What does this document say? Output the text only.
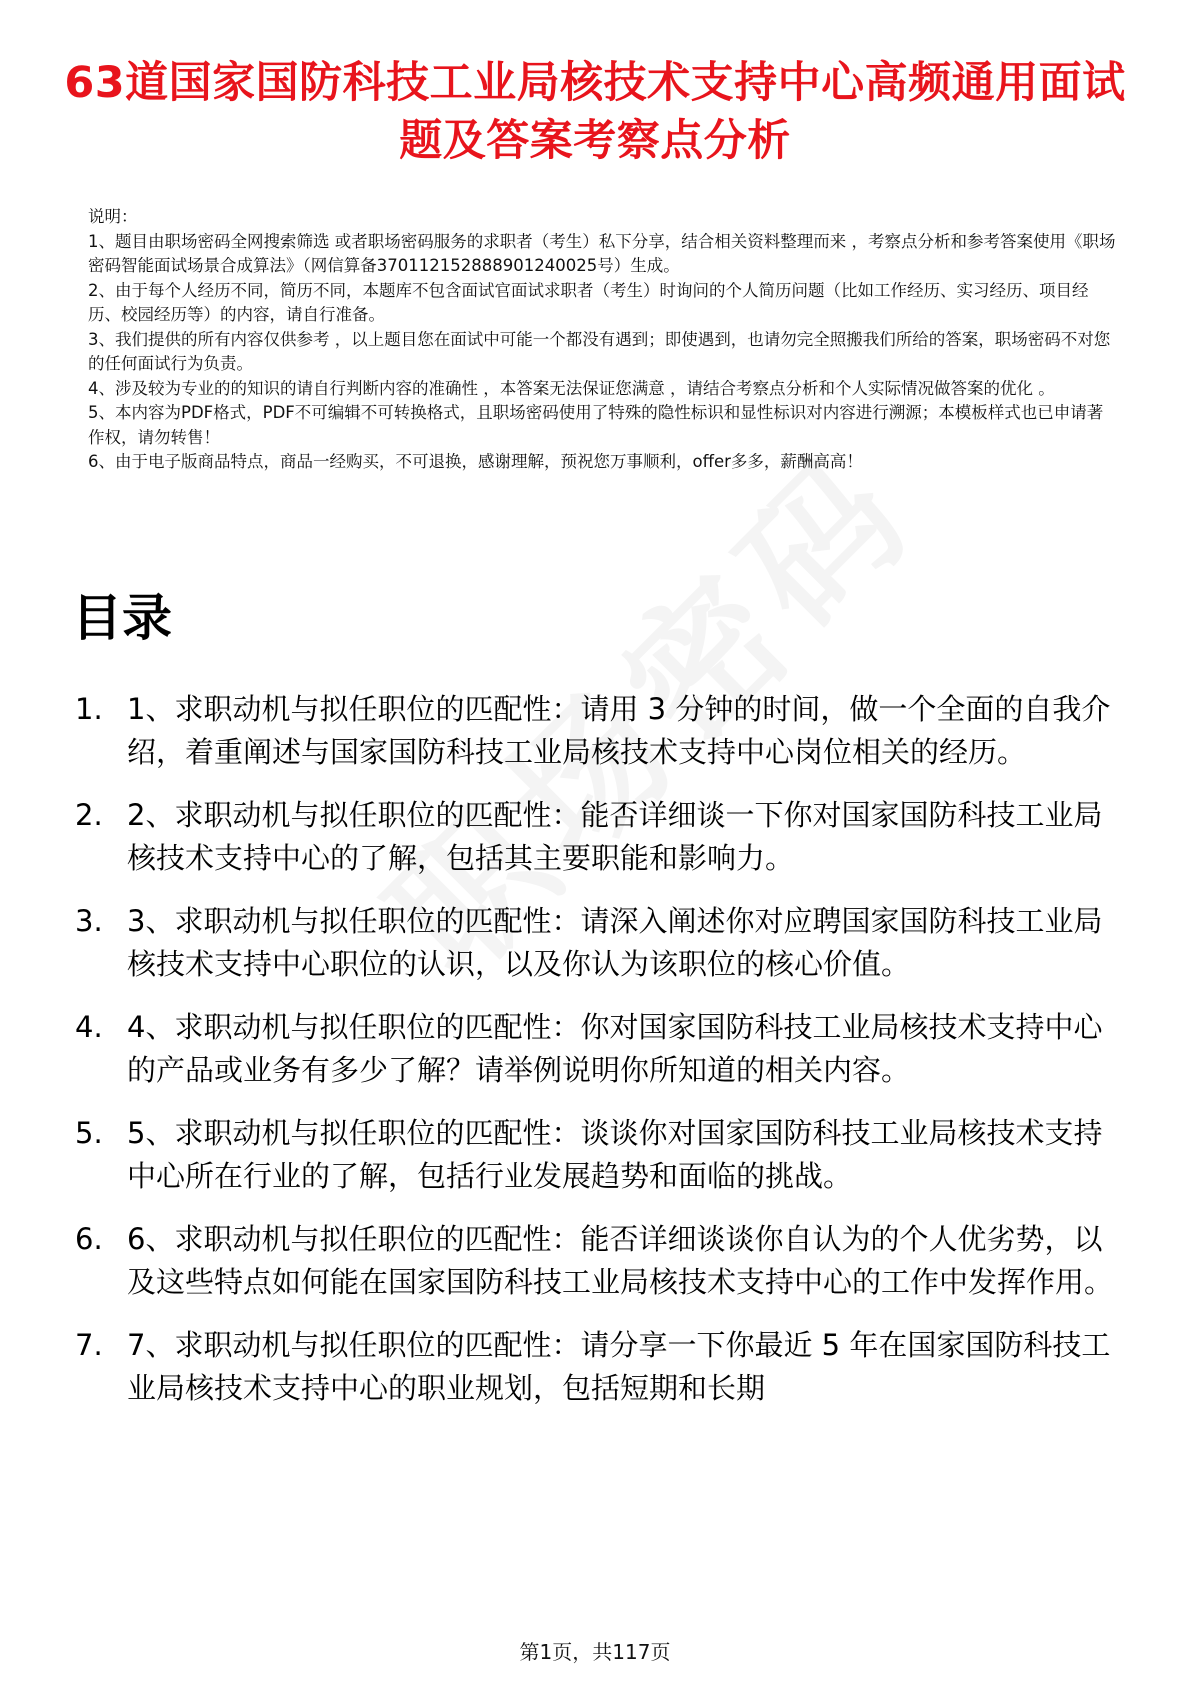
63道国家国防科技工业局核技术支持中心高频通用面试题及答案考察点分析

说明：

1、题目由职场密码全网搜索筛选 或者职场密码服务的求职者（考生）私下分享，结合相关资料整理而来 ，考察点分析和参考答案使用《职场密码智能面试场景合成算法》（网信算备370112152888901240025号）生成。

2、由于每个人经历不同，简历不同，本题库不包含面试官面试求职者（考生）时询问的个人简历问题（比如工作经历、实习经历、项目经历、校园经历等）的内容，请自行准备。

3、我们提供的所有内容仅供参考 ，以上题目您在面试中可能一个都没有遇到；即使遇到，也请勿完全照搬我们所给的答案，职场密码不对您的任何面试行为负责。

4、涉及较为专业的的知识的请自行判断内容的准确性 ，本答案无法保证您满意 ，请结合考察点分析和个人实际情况做答案的优化 。

5、本内容为PDF格式，PDF不可编辑不可转换格式，且职场密码使用了特殊的隐性标识和显性标识对内容进行溯源；本模板样式也已申请著作权，请勿转售！

6、由于电子版商品特点，商品一经购买，不可退换，感谢理解，预祝您万事顺利，offer多多，薪酬高高！

目录
1. 1、求职动机与拟任职位的匹配性：请用 3 分钟的时间，做一个全面的自我介绍，着重阐述与国家国防科技工业局核技术支持中心岗位相关的经历。
2. 2、求职动机与拟任职位的匹配性：能否详细谈一下你对国家国防科技工业局核技术支持中心的了解，包括其主要职能和影响力。
3. 3、求职动机与拟任职位的匹配性：请深入阐述你对应聘国家国防科技工业局核技术支持中心职位的认识，以及你认为该职位的核心价值。
4. 4、求职动机与拟任职位的匹配性：你对国家国防科技工业局核技术支持中心的产品或业务有多少了解？请举例说明你所知道的相关内容。
5. 5、求职动机与拟任职位的匹配性：谈谈你对国家国防科技工业局核技术支持中心所在行业的了解，包括行业发展趋势和面临的挑战。
6. 6、求职动机与拟任职位的匹配性：能否详细谈谈你自认为的个人优劣势，以及这些特点如何能在国家国防科技工业局核技术支持中心的工作中发挥作用。
7. 7、求职动机与拟任职位的匹配性：请分享一下你最近 5 年在国家国防科技工业局核技术支持中心的职业规划，包括短期和长期
第1页，共117页
